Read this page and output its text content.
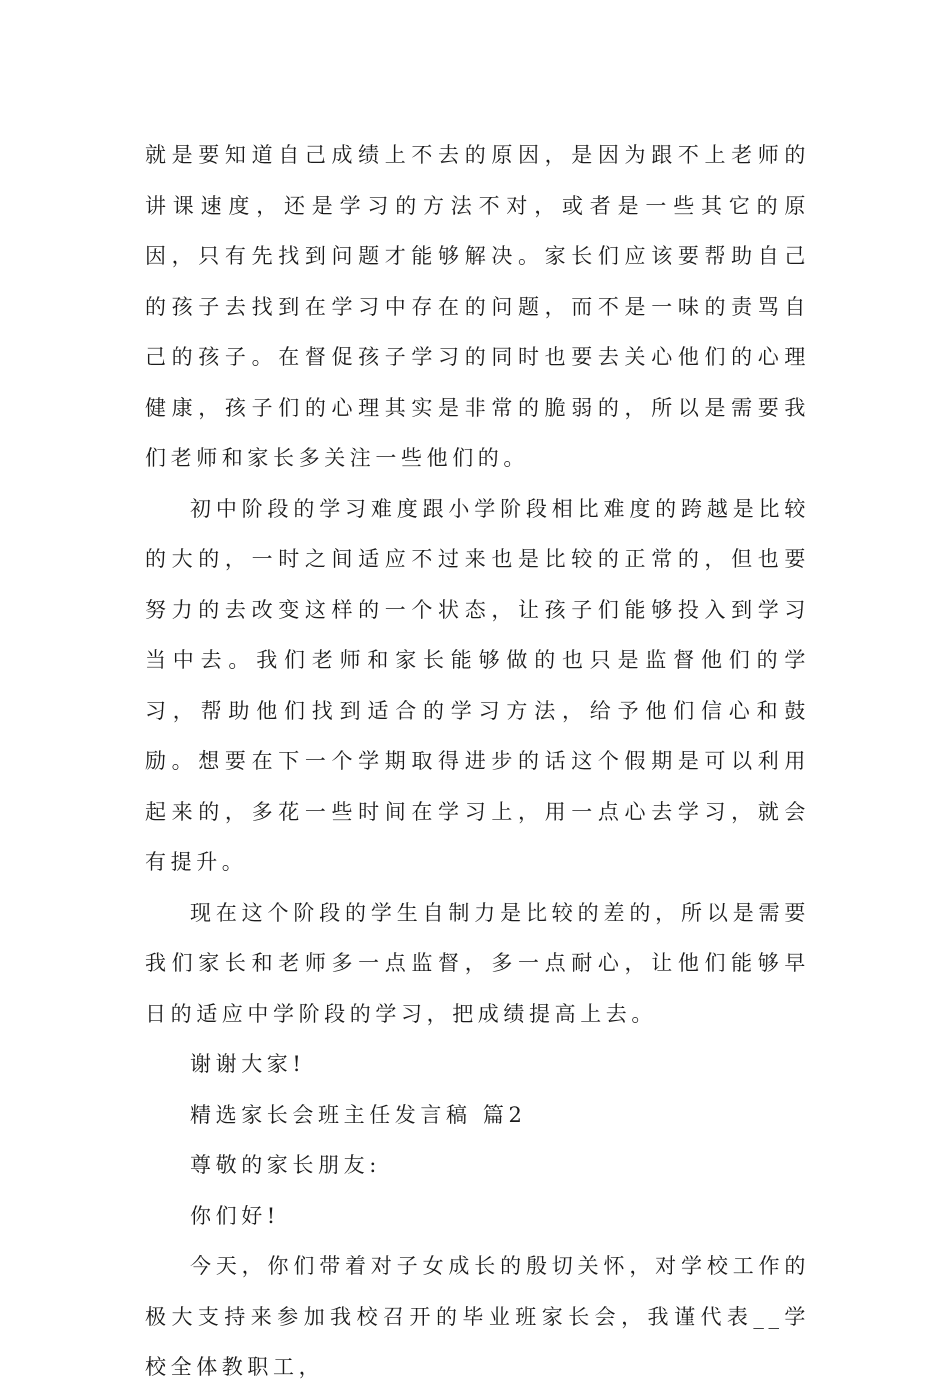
就是要知道自己成绩上不去的原因，是因为跟不上老师的讲课速度，还是学习的方法不对，或者是一些其它的原因，只有先找到问题才能够解决。家长们应该要帮助自己的孩子去找到在学习中存在的问题，而不是一味的责骂自己的孩子。在督促孩子学习的同时也要去关心他们的心理健康，孩子们的心理其实是非常的脆弱的，所以是需要我们老师和家长多关注一些他们的。

初中阶段的学习难度跟小学阶段相比难度的跨越是比较的大的，一时之间适应不过来也是比较的正常的，但也要努力的去改变这样的一个状态，让孩子们能够投入到学习当中去。我们老师和家长能够做的也只是监督他们的学习，帮助他们找到适合的学习方法，给予他们信心和鼓励。想要在下一个学期取得进步的话这个假期是可以利用起来的，多花一些时间在学习上，用一点心去学习，就会有提升。

现在这个阶段的学生自制力是比较的差的，所以是需要我们家长和老师多一点监督，多一点耐心，让他们能够早日的适应中学阶段的学习，把成绩提高上去。

谢谢大家!

精选家长会班主任发言稿 篇2

尊敬的家长朋友:

你们好!

今天，你们带着对子女成长的殷切关怀，对学校工作的极大支持来参加我校召开的毕业班家长会，我谨代表__学校全体教职工，
